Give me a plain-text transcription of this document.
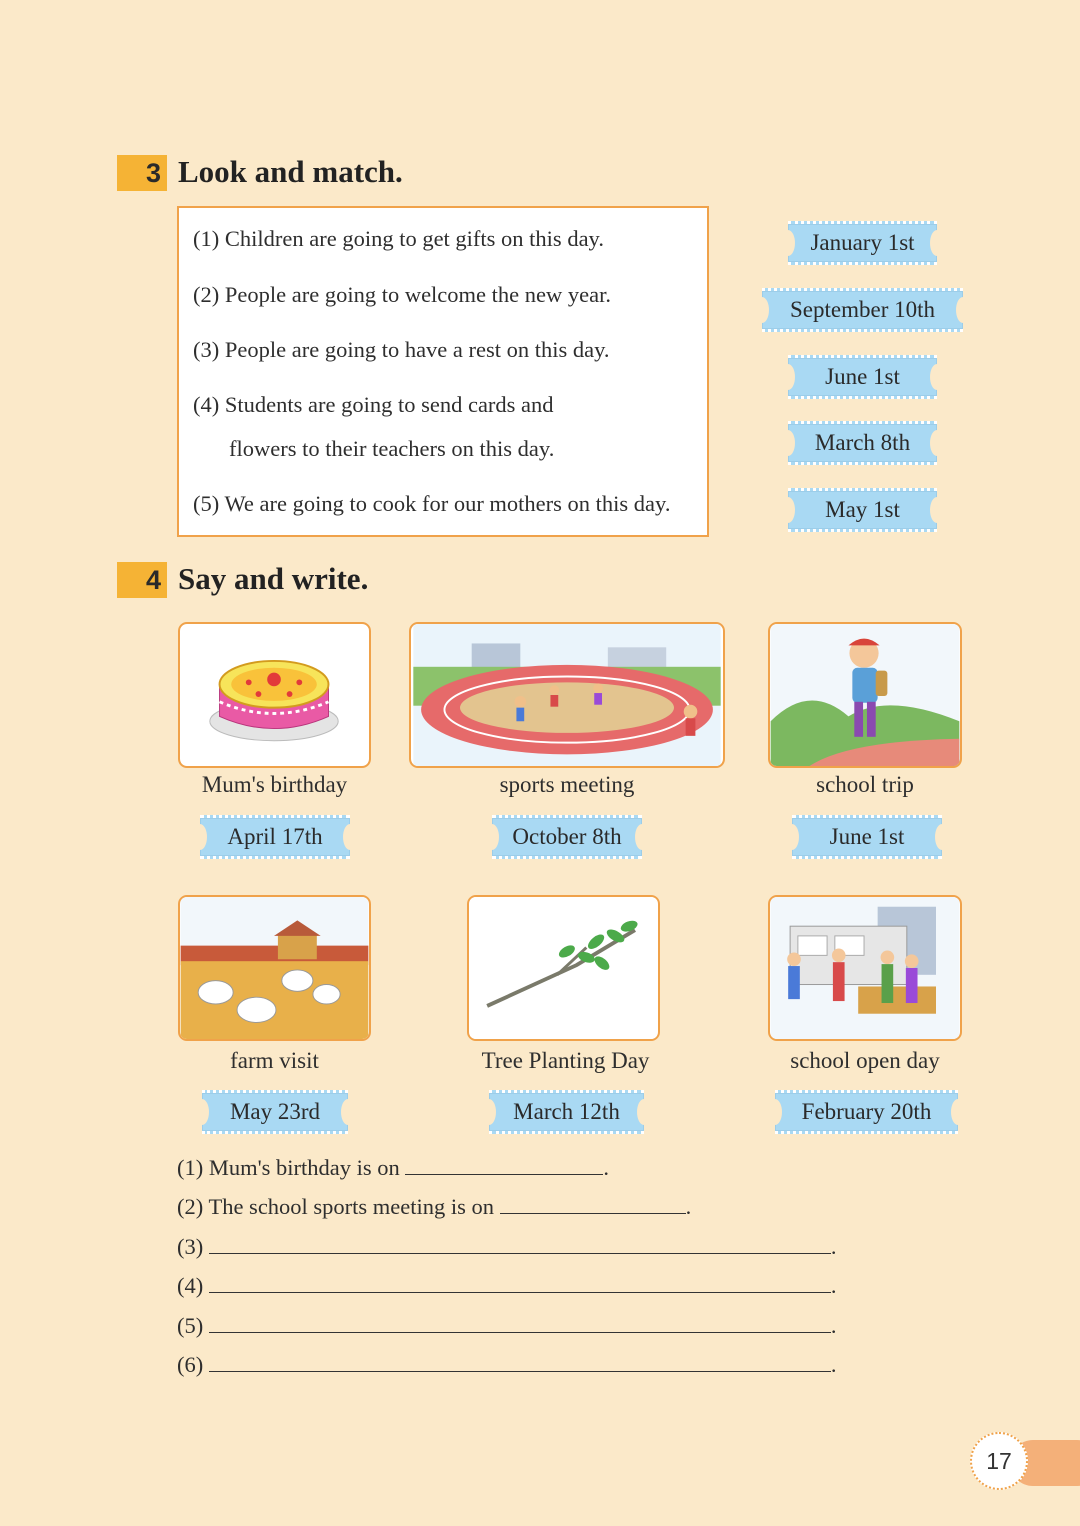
3 Look and match.
(1) Children are going to get gifts on this day.
(2) People are going to welcome the new year.
(3) People are going to have a rest on this day.
(4) Students are going to send cards and
flowers to their teachers on this day.
(5) We are going to cook for our mothers on this day.
January 1st
September 10th
June 1st
March 8th
May 1st
4 Say and write.
Mum's birthday	sports meeting	school trip
April 17th	October 8th	June 1st
farm visit	Tree Planting Day	school open day
May 23rd	March 12th	February 20th
(1) Mum's birthday is on	.
(2) The school sports meeting is on	.
(3)	.
(4)	.
(5)	.
(6)	.
17
